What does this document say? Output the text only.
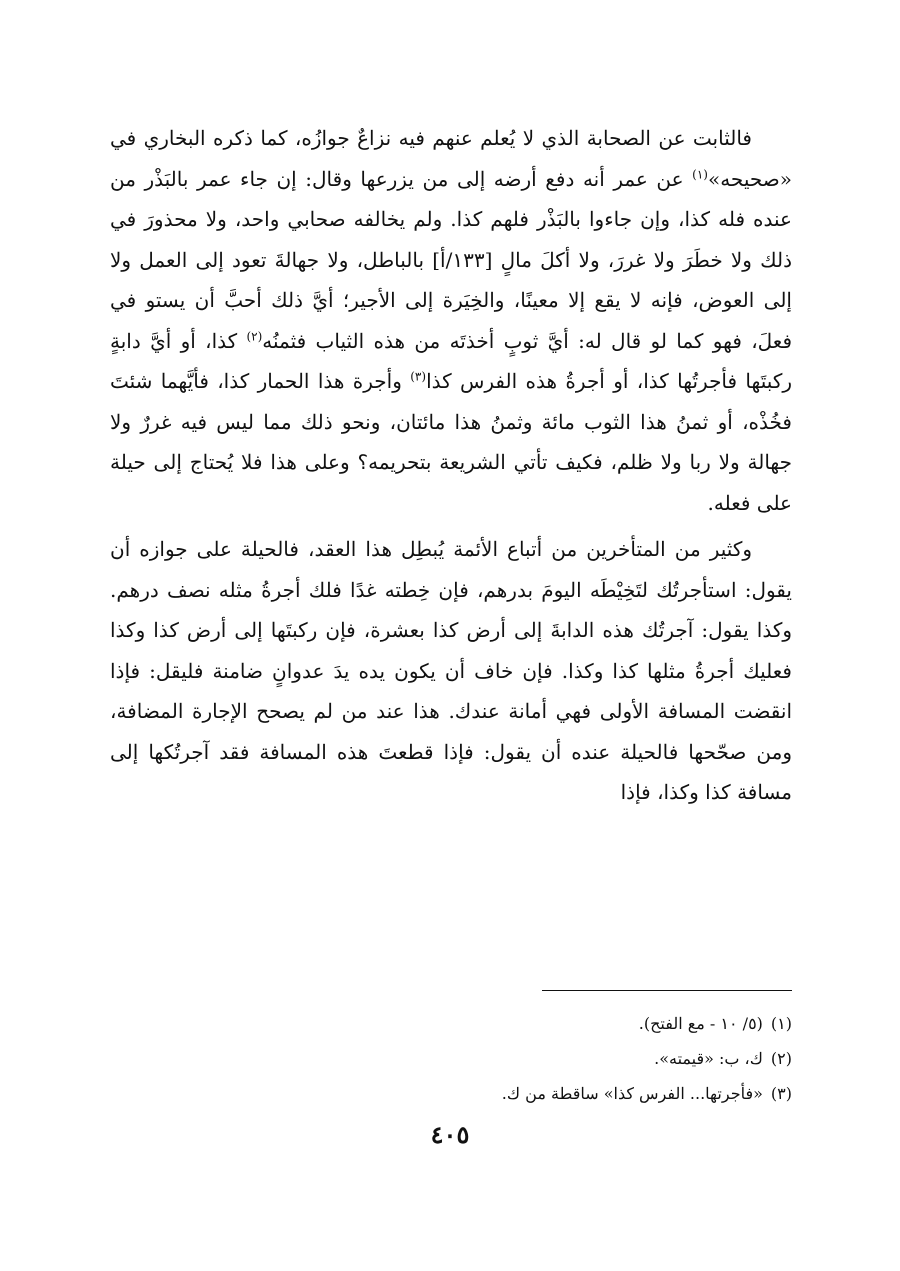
فالثابت عن الصحابة الذي لا يُعلم عنهم فيه نزاعٌ جوازُه، كما ذكره البخاري في «صحيحه»$^{(١)}$ عن عمر أنه دفع أرضه إلى من يزرعها وقال: إن جاء عمر بالبَذْر من عنده فله كذا، وإن جاءوا بالبَذْر فلهم كذا. ولم يخالفه صحابي واحد، ولا محذورَ في ذلك ولا خطَرَ ولا غررَ، ولا أكلَ مالٍ [١٣٣/أ] بالباطل، ولا جهالةَ تعود إلى العمل ولا إلى العوض، فإنه لا يقع إلا معينًا، والخِيَرة إلى الأجير؛ أيَّ ذلك أحبَّ أن يستو في فعلَ، فهو كما لو قال له: أيَّ ثوبٍ أخذتَه من هذه الثياب فثمنُه$^{(٢)}$ كذا، أو أيَّ دابةٍ ركبتَها فأجرتُها كذا، أو أجرةُ هذه الفرس كذا$^{(٣)}$ وأجرة هذا الحمار كذا، فأيَّهما شئتَ فخُذْه، أو ثمنُ هذا الثوب مائة وثمنُ هذا مائتان، ونحو ذلك مما ليس فيه غررٌ ولا جهالة ولا ربا ولا ظلم، فكيف تأتي الشريعة بتحريمه؟ وعلى هذا فلا يُحتاج إلى حيلة على فعله.

وكثير من المتأخرين من أتباع الأئمة يُبطِل هذا العقد، فالحيلة على جوازه أن يقول: استأجرتُك لتَخِيْطَه اليومَ بدرهم، فإن خِطته غدًا فلك أجرةُ مثله نصف درهم. وكذا يقول: آجرتُك هذه الدابةَ إلى أرض كذا بعشرة، فإن ركبتَها إلى أرض كذا وكذا فعليك أجرةُ مثلها كذا وكذا. فإن خاف أن يكون يده يدَ عدوانٍ ضامنة فليقل: فإذا انقضت المسافة الأولى فهي أمانة عندك. هذا عند من لم يصحح الإجارة المضافة، ومن صحّحها فالحيلة عنده أن يقول: فإذا قطعتَ هذه المسافة فقد آجرتُكها إلى مسافة كذا وكذا، فإذا

(١)(٥/ ١٠ - مع الفتح).
(٢)ك، ب: «قيمته».
(٣)«فأجرتها... الفرس كذا» ساقطة من ك.
٤٠٥
